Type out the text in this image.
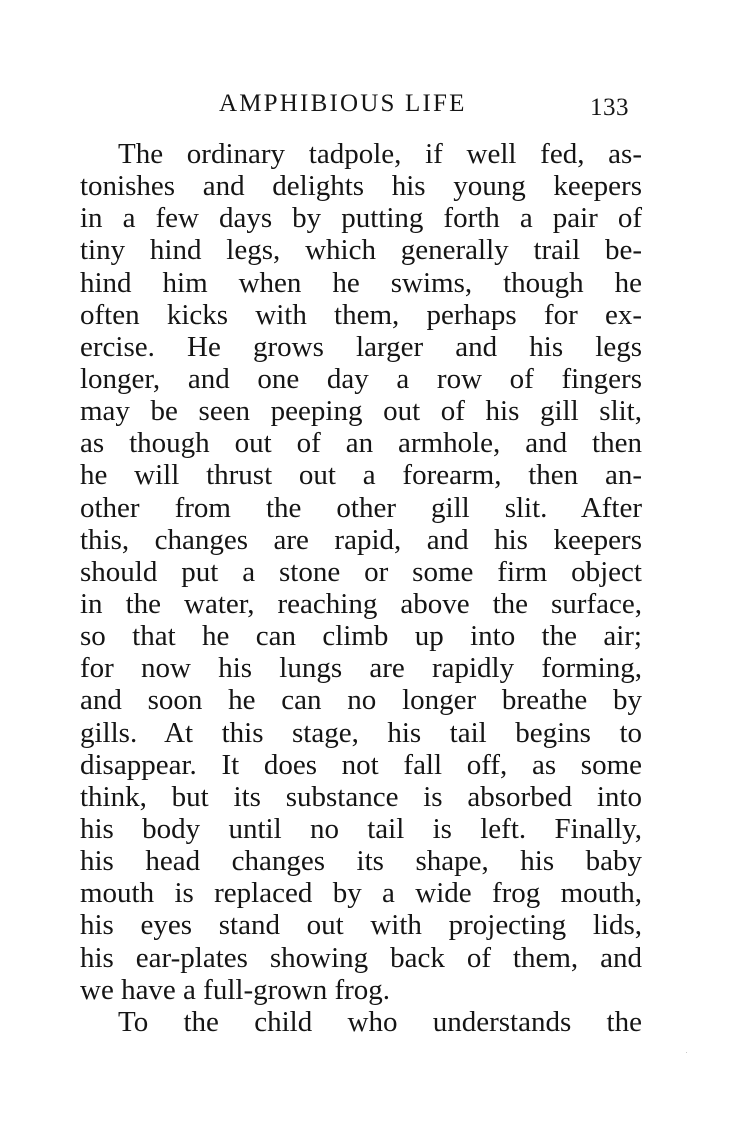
AMPHIBIOUS LIFE	133
The ordinary tadpole, if well fed, as-
tonishes and delights his young keepers
in a few days by putting forth a pair of
tiny hind legs, which generally trail be-
hind him when he swims, though he
often kicks with them, perhaps for ex-
ercise. He grows larger and his legs
longer, and one day a row of fingers
may be seen peeping out of his gill slit,
as though out of an armhole, and then
he will thrust out a forearm, then an-
other from the other gill slit. After
this, changes are rapid, and his keepers
should put a stone or some firm object
in the water, reaching above the surface,
so that he can climb up into the air;
for now his lungs are rapidly forming,
and soon he can no longer breathe by
gills. At this stage, his tail begins to
disappear. It does not fall off, as some
think, but its substance is absorbed into
his body until no tail is left. Finally,
his head changes its shape, his baby
mouth is replaced by a wide frog mouth,
his eyes stand out with projecting lids,
his ear-plates showing back of them, and
we have a full-grown frog.
To the child who understands the
